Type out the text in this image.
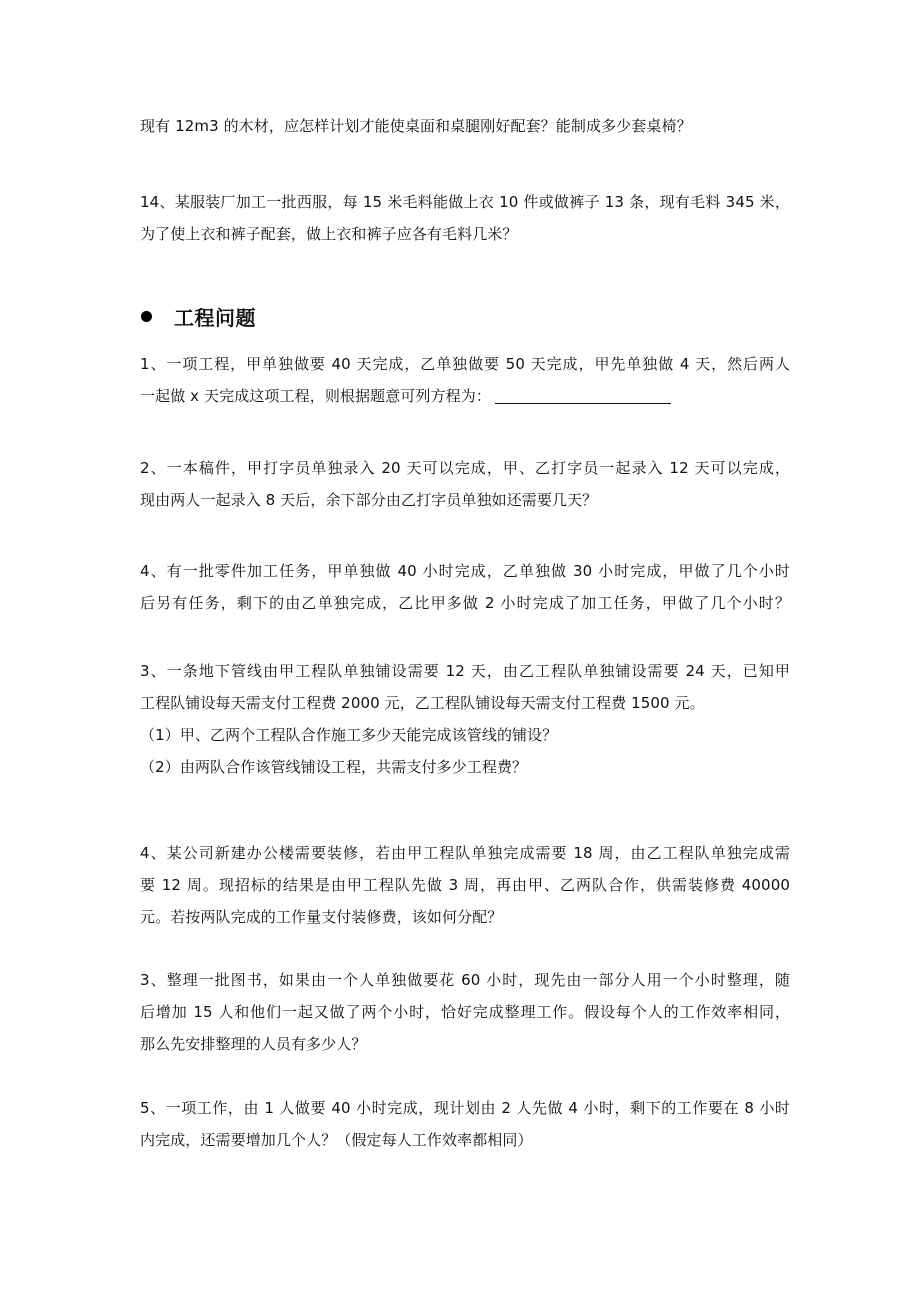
现有 12m3 的木材，应怎样计划才能使桌面和桌腿刚好配套？能制成多少套桌椅？
14、某服装厂加工一批西服，每 15 米毛料能做上衣 10 件或做裤子 13 条，现有毛料 345 米，
为了使上衣和裤子配套，做上衣和裤子应各有毛料几米？
工程问题
1、一项工程，甲单独做要 40 天完成，乙单独做要 50 天完成，甲先单独做 4 天，然后两人
一起做 x 天完成这项工程，则根据题意可列方程为：
2、一本稿件，甲打字员单独录入 20 天可以完成，甲、乙打字员一起录入 12 天可以完成，
现由两人一起录入 8 天后，余下部分由乙打字员单独如还需要几天？
4、有一批零件加工任务，甲单独做 40 小时完成，乙单独做 30 小时完成，甲做了几个小时
后另有任务，剩下的由乙单独完成，乙比甲多做 2 小时完成了加工任务，甲做了几个小时？
3、一条地下管线由甲工程队单独铺设需要 12 天，由乙工程队单独铺设需要 24 天，已知甲
工程队铺设每天需支付工程费 2000 元，乙工程队铺设每天需支付工程费 1500 元。
（1）甲、乙两个工程队合作施工多少天能完成该管线的铺设？
（2）由两队合作该管线铺设工程，共需支付多少工程费？
4、某公司新建办公楼需要装修，若由甲工程队单独完成需要 18 周，由乙工程队单独完成需
要 12 周。现招标的结果是由甲工程队先做 3 周，再由甲、乙两队合作，供需装修费 40000
元。若按两队完成的工作量支付装修费，该如何分配？
3、整理一批图书，如果由一个人单独做要花 60 小时，现先由一部分人用一个小时整理，随
后增加 15 人和他们一起又做了两个小时，恰好完成整理工作。假设每个人的工作效率相同，
那么先安排整理的人员有多少人？
5、一项工作，由 1 人做要 40 小时完成，现计划由 2 人先做 4 小时，剩下的工作要在 8 小时
内完成，还需要增加几个人？（假定每人工作效率都相同）
